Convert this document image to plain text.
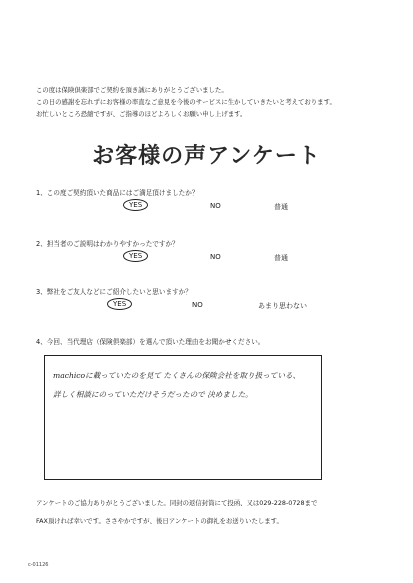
この度は保険倶楽部でご契約を頂き誠にありがとうございました。
この日の感謝を忘れずにお客様の率直なご意見を今後のサービスに生かしていきたいと考えております。
お忙しいところ恐縮ですが、ご指導のほどよろしくお願い申し上げます。
お客様の声アンケート
1、この度ご契約頂いた商品にはご満足頂けましたか？
YES	NO	普通
2、担当者のご説明はわかりやすかったですか？
YES	NO	普通
3、弊社をご友人などにご紹介したいと思いますか？
YES	NO	あまり思わない
4、今回、当代理店（保険倶楽部）を選んで頂いた理由をお聞かせください。
machicoに載っていたのを見て たくさんの保険会社を取り扱っている、
詳しく相談にのっていただけそうだったので 決めました。
アンケートのご協力ありがとうございました。同封の返信封筒にて投函、又は029-228-0728まで
FAX頂ければ幸いです。ささやかですが、後日アンケートの御礼をお送りいたします。
c-01126
